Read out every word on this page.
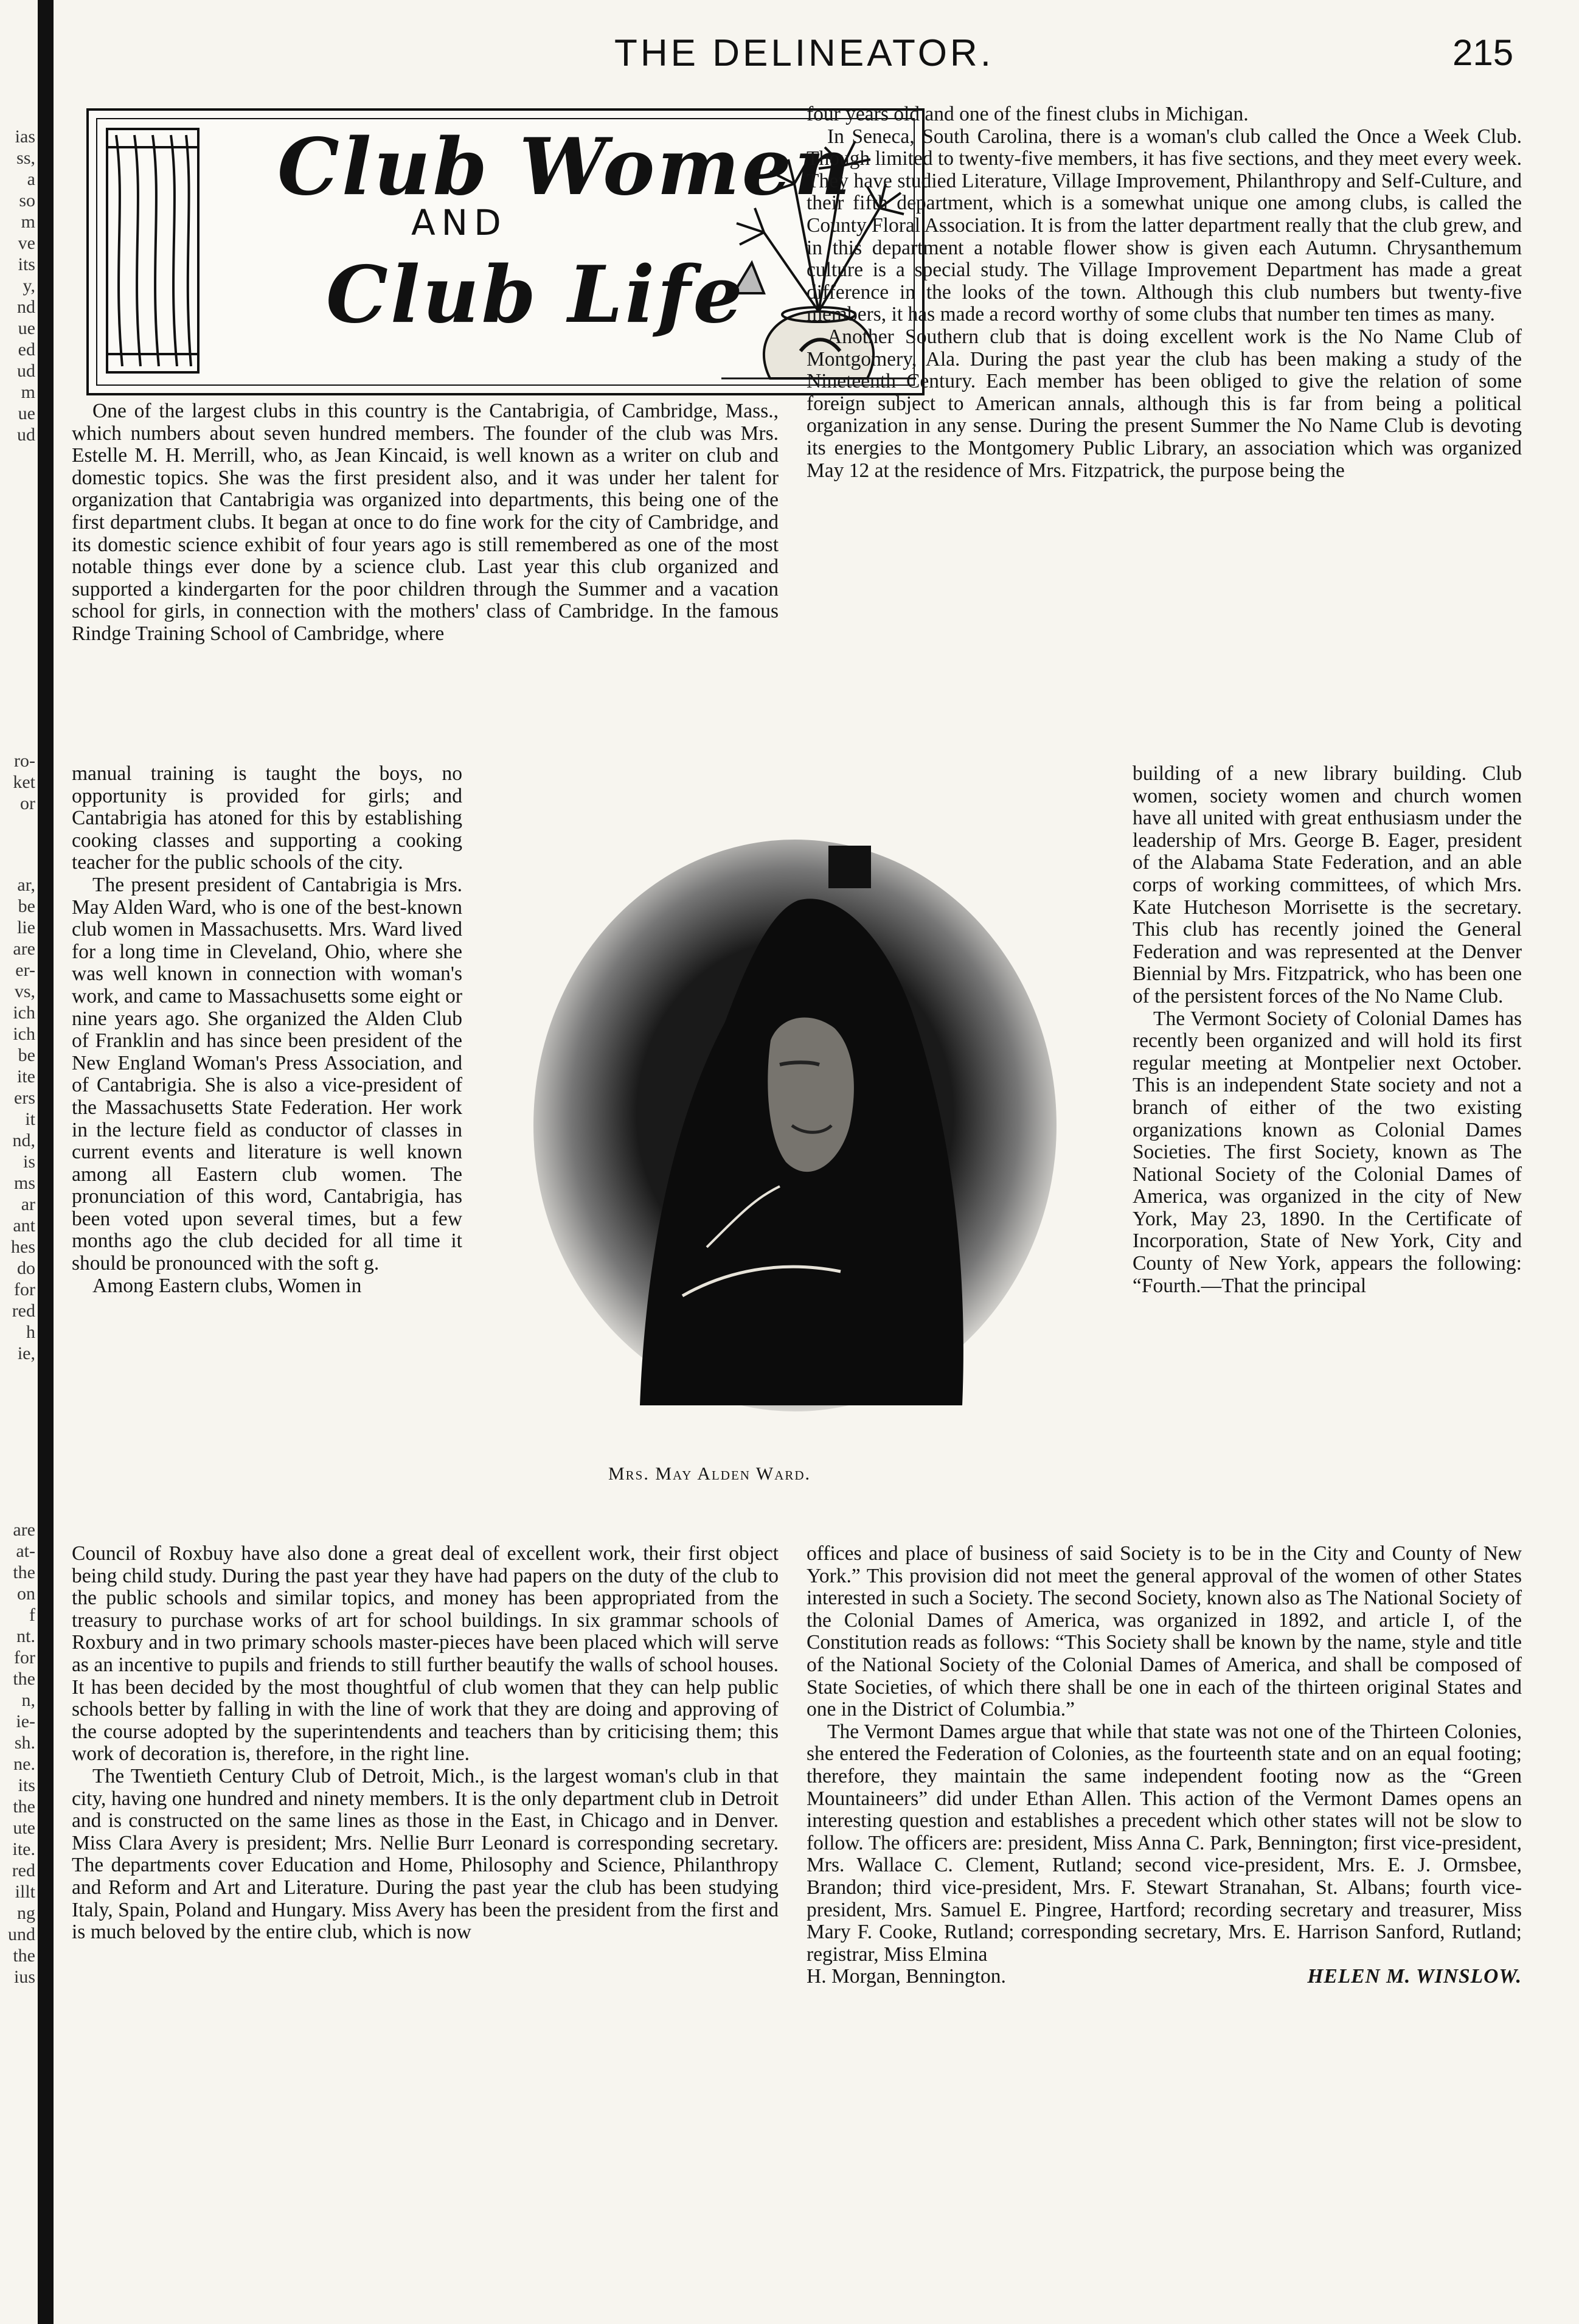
ias
ss,
a
so
m
ve
its
y,
nd
ue
ed
ud
m
ue
ud
ro-
ket
or
ar,
be
lie
are
er-
vs,
ich
ich
be
ite
ers
it
nd,
is
ms
ar
ant
hes
do
for
red
h
ie,
are
at-
the
on
f
nt.
for
the
n,
ie-
sh.
ne.
its
the
ute
ite.
red
illt
ng
und
the
ius
THE DELINEATOR.	215
Club Women
AND
Club Life

One of the largest clubs in this country is the Cantabrigia, of Cambridge, Mass., which numbers about seven hundred members. The founder of the club was Mrs. Estelle M. H. Merrill, who, as Jean Kincaid, is well known as a writer on club and domestic topics. She was the first president also, and it was under her talent for organization that Cantabrigia was organized into departments, this being one of the first department clubs. It began at once to do fine work for the city of Cambridge, and its domestic science exhibit of four years ago is still remembered as one of the most notable things ever done by a science club. Last year this club organized and supported a kindergarten for the poor children through the Summer and a vacation school for girls, in connection with the mothers' class of Cambridge. In the famous Rindge Training School of Cambridge, where

manual training is taught the boys, no opportunity is provided for girls; and Cantabrigia has atoned for this by establishing cooking classes and supporting a cooking teacher for the public schools of the city.

The present president of Cantabrigia is Mrs. May Alden Ward, who is one of the best-known club women in Massachusetts. Mrs. Ward lived for a long time in Cleveland, Ohio, where she was well known in connection with woman's work, and came to Massachusetts some eight or nine years ago. She organized the Alden Club of Franklin and has since been president of the New England Woman's Press Association, and of Cantabrigia. She is also a vice-president of the Massachusetts State Federation. Her work in the lecture field as conductor of classes in current events and literature is well known among all Eastern club women. The pronunciation of this word, Cantabrigia, has been voted upon several times, but a few months ago the club decided for all time it should be pronounced with the soft g.

Among Eastern clubs, Women in

Mrs. May Alden Ward.

Council of Roxbuy have also done a great deal of excellent work, their first object being child study. During the past year they have had papers on the duty of the club to the public schools and similar topics, and money has been appropriated from the treasury to purchase works of art for school buildings. In six grammar schools of Roxbury and in two primary schools master-pieces have been placed which will serve as an incentive to pupils and friends to still further beautify the walls of school houses. It has been decided by the most thoughtful of club women that they can help public schools better by falling in with the line of work that they are doing and approving of the course adopted by the superintendents and teachers than by criticising them; this work of decoration is, therefore, in the right line.

The Twentieth Century Club of Detroit, Mich., is the largest woman's club in that city, having one hundred and ninety members. It is the only department club in Detroit and is constructed on the same lines as those in the East, in Chicago and in Denver. Miss Clara Avery is president; Mrs. Nellie Burr Leonard is corresponding secretary. The departments cover Education and Home, Philosophy and Science, Philanthropy and Reform and Art and Literature. During the past year the club has been studying Italy, Spain, Poland and Hungary. Miss Avery has been the president from the first and is much beloved by the entire club, which is now

four years old and one of the finest clubs in Michigan.

In Seneca, South Carolina, there is a woman's club called the Once a Week Club. Though limited to twenty-five members, it has five sections, and they meet every week. They have studied Literature, Village Improvement, Philanthropy and Self-Culture, and their fifth department, which is a somewhat unique one among clubs, is called the County Floral Association. It is from the latter department really that the club grew, and in this department a notable flower show is given each Autumn. Chrysanthemum culture is a special study. The Village Improvement Department has made a great difference in the looks of the town. Although this club numbers but twenty-five members, it has made a record worthy of some clubs that number ten times as many.

Another Southern club that is doing excellent work is the No Name Club of Montgomery, Ala. During the past year the club has been making a study of the Nineteenth Century. Each member has been obliged to give the relation of some foreign subject to American annals, although this is far from being a political organization in any sense. During the present Summer the No Name Club is devoting its energies to the Montgomery Public Library, an association which was organized May 12 at the residence of Mrs. Fitzpatrick, the purpose being the

building of a new library building. Club women, society women and church women have all united with great enthusiasm under the leadership of Mrs. George B. Eager, president of the Alabama State Federation, and an able corps of working committees, of which Mrs. Kate Hutcheson Morrisette is the secretary. This club has recently joined the General Federation and was represented at the Denver Biennial by Mrs. Fitzpatrick, who has been one of the persistent forces of the No Name Club.

The Vermont Society of Colonial Dames has recently been organized and will hold its first regular meeting at Montpelier next October. This is an independent State society and not a branch of either of the two existing organizations known as Colonial Dames Societies. The first Society, known as The National Society of the Colonial Dames of America, was organized in the city of New York, May 23, 1890. In the Certificate of Incorporation, State of New York, City and County of New York, appears the following: “Fourth.—That the principal

offices and place of business of said Society is to be in the City and County of New York.” This provision did not meet the general approval of the women of other States interested in such a Society. The second Society, known also as The National Society of the Colonial Dames of America, was organized in 1892, and article I, of the Constitution reads as follows: “This Society shall be known by the name, style and title of the National Society of the Colonial Dames of America, and shall be composed of State Societies, of which there shall be one in each of the thirteen original States and one in the District of Columbia.”

The Vermont Dames argue that while that state was not one of the Thirteen Colonies, she entered the Federation of Colonies, as the fourteenth state and on an equal footing; therefore, they maintain the same independent footing now as the “Green Mountaineers” did under Ethan Allen. This action of the Vermont Dames opens an interesting question and establishes a precedent which other states will not be slow to follow. The officers are: president, Miss Anna C. Park, Bennington; first vice-president, Mrs. Wallace C. Clement, Rutland; second vice-president, Mrs. E. J. Ormsbee, Brandon; third vice-president, Mrs. F. Stewart Stranahan, St. Albans; fourth vice-president, Mrs. Samuel E. Pingree, Hartford; recording secretary and treasurer, Miss Mary F. Cooke, Rutland; corresponding secretary, Mrs. E. Harrison Sanford, Rutland; registrar, Miss Elmina

H. Morgan, Bennington.	HELEN M. WINSLOW.
